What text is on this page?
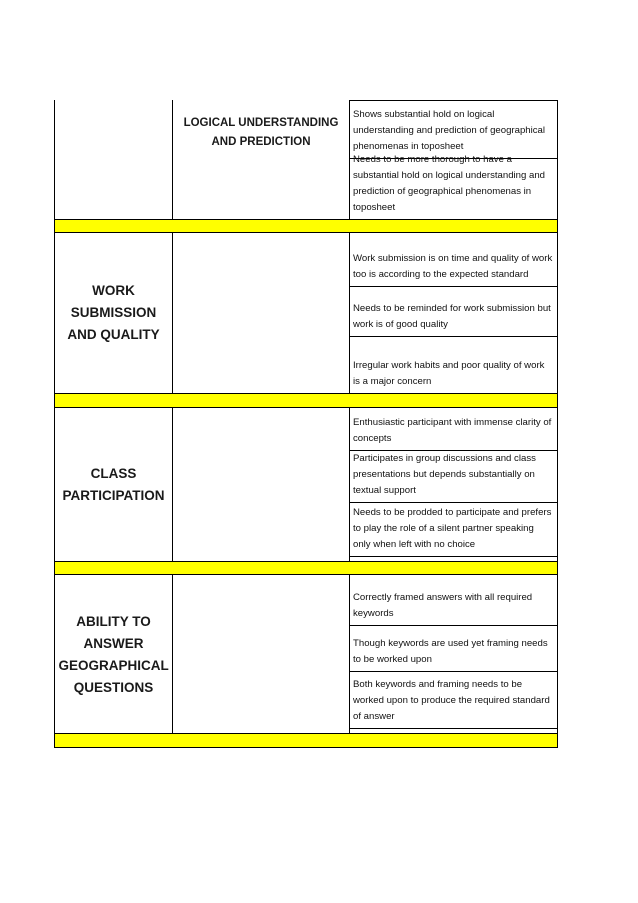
LOGICAL UNDERSTANDING AND PREDICTION
Shows substantial hold on logical understanding and prediction of geographical phenomenas in toposheet
Needs to be more thorough to have a substantial hold on logical understanding and prediction of geographical phenomenas in toposheet
WORK SUBMISSION AND QUALITY
Work submission is on time and quality of work too is according to the expected standard
Needs to be reminded for work submission but work is of good quality
Irregular work habits and poor quality of work is a major concern
CLASS PARTICIPATION
Enthusiastic participant with immense clarity of concepts
Participates in group discussions and class presentations but depends substantially on textual support
Needs to be prodded to participate and prefers to play the role of a silent partner speaking only when left with no choice
ABILITY TO ANSWER GEOGRAPHICAL QUESTIONS
Correctly framed answers with all required keywords
Though keywords are used yet framing needs to be worked upon
Both keywords and framing needs to be worked upon to produce the required standard of answer
